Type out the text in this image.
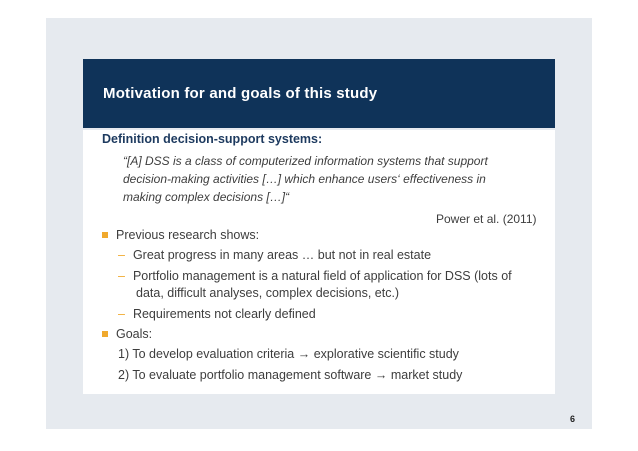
Motivation for and goals of this study
Definition decision-support systems:
“[A] DSS is a class of computerized information systems that support
decision-making activities […] which enhance users‘ effectiveness in
making complex decisions […]“
Power et al. (2011)
Previous research shows:
– Great progress in many areas … but not in real estate
– Portfolio management is a natural field of application for DSS (lots of
data, difficult analyses, complex decisions, etc.)
– Requirements not clearly defined
Goals:
1) To develop evaluation criteria → explorative scientific study
2) To evaluate portfolio management software → market study
6
